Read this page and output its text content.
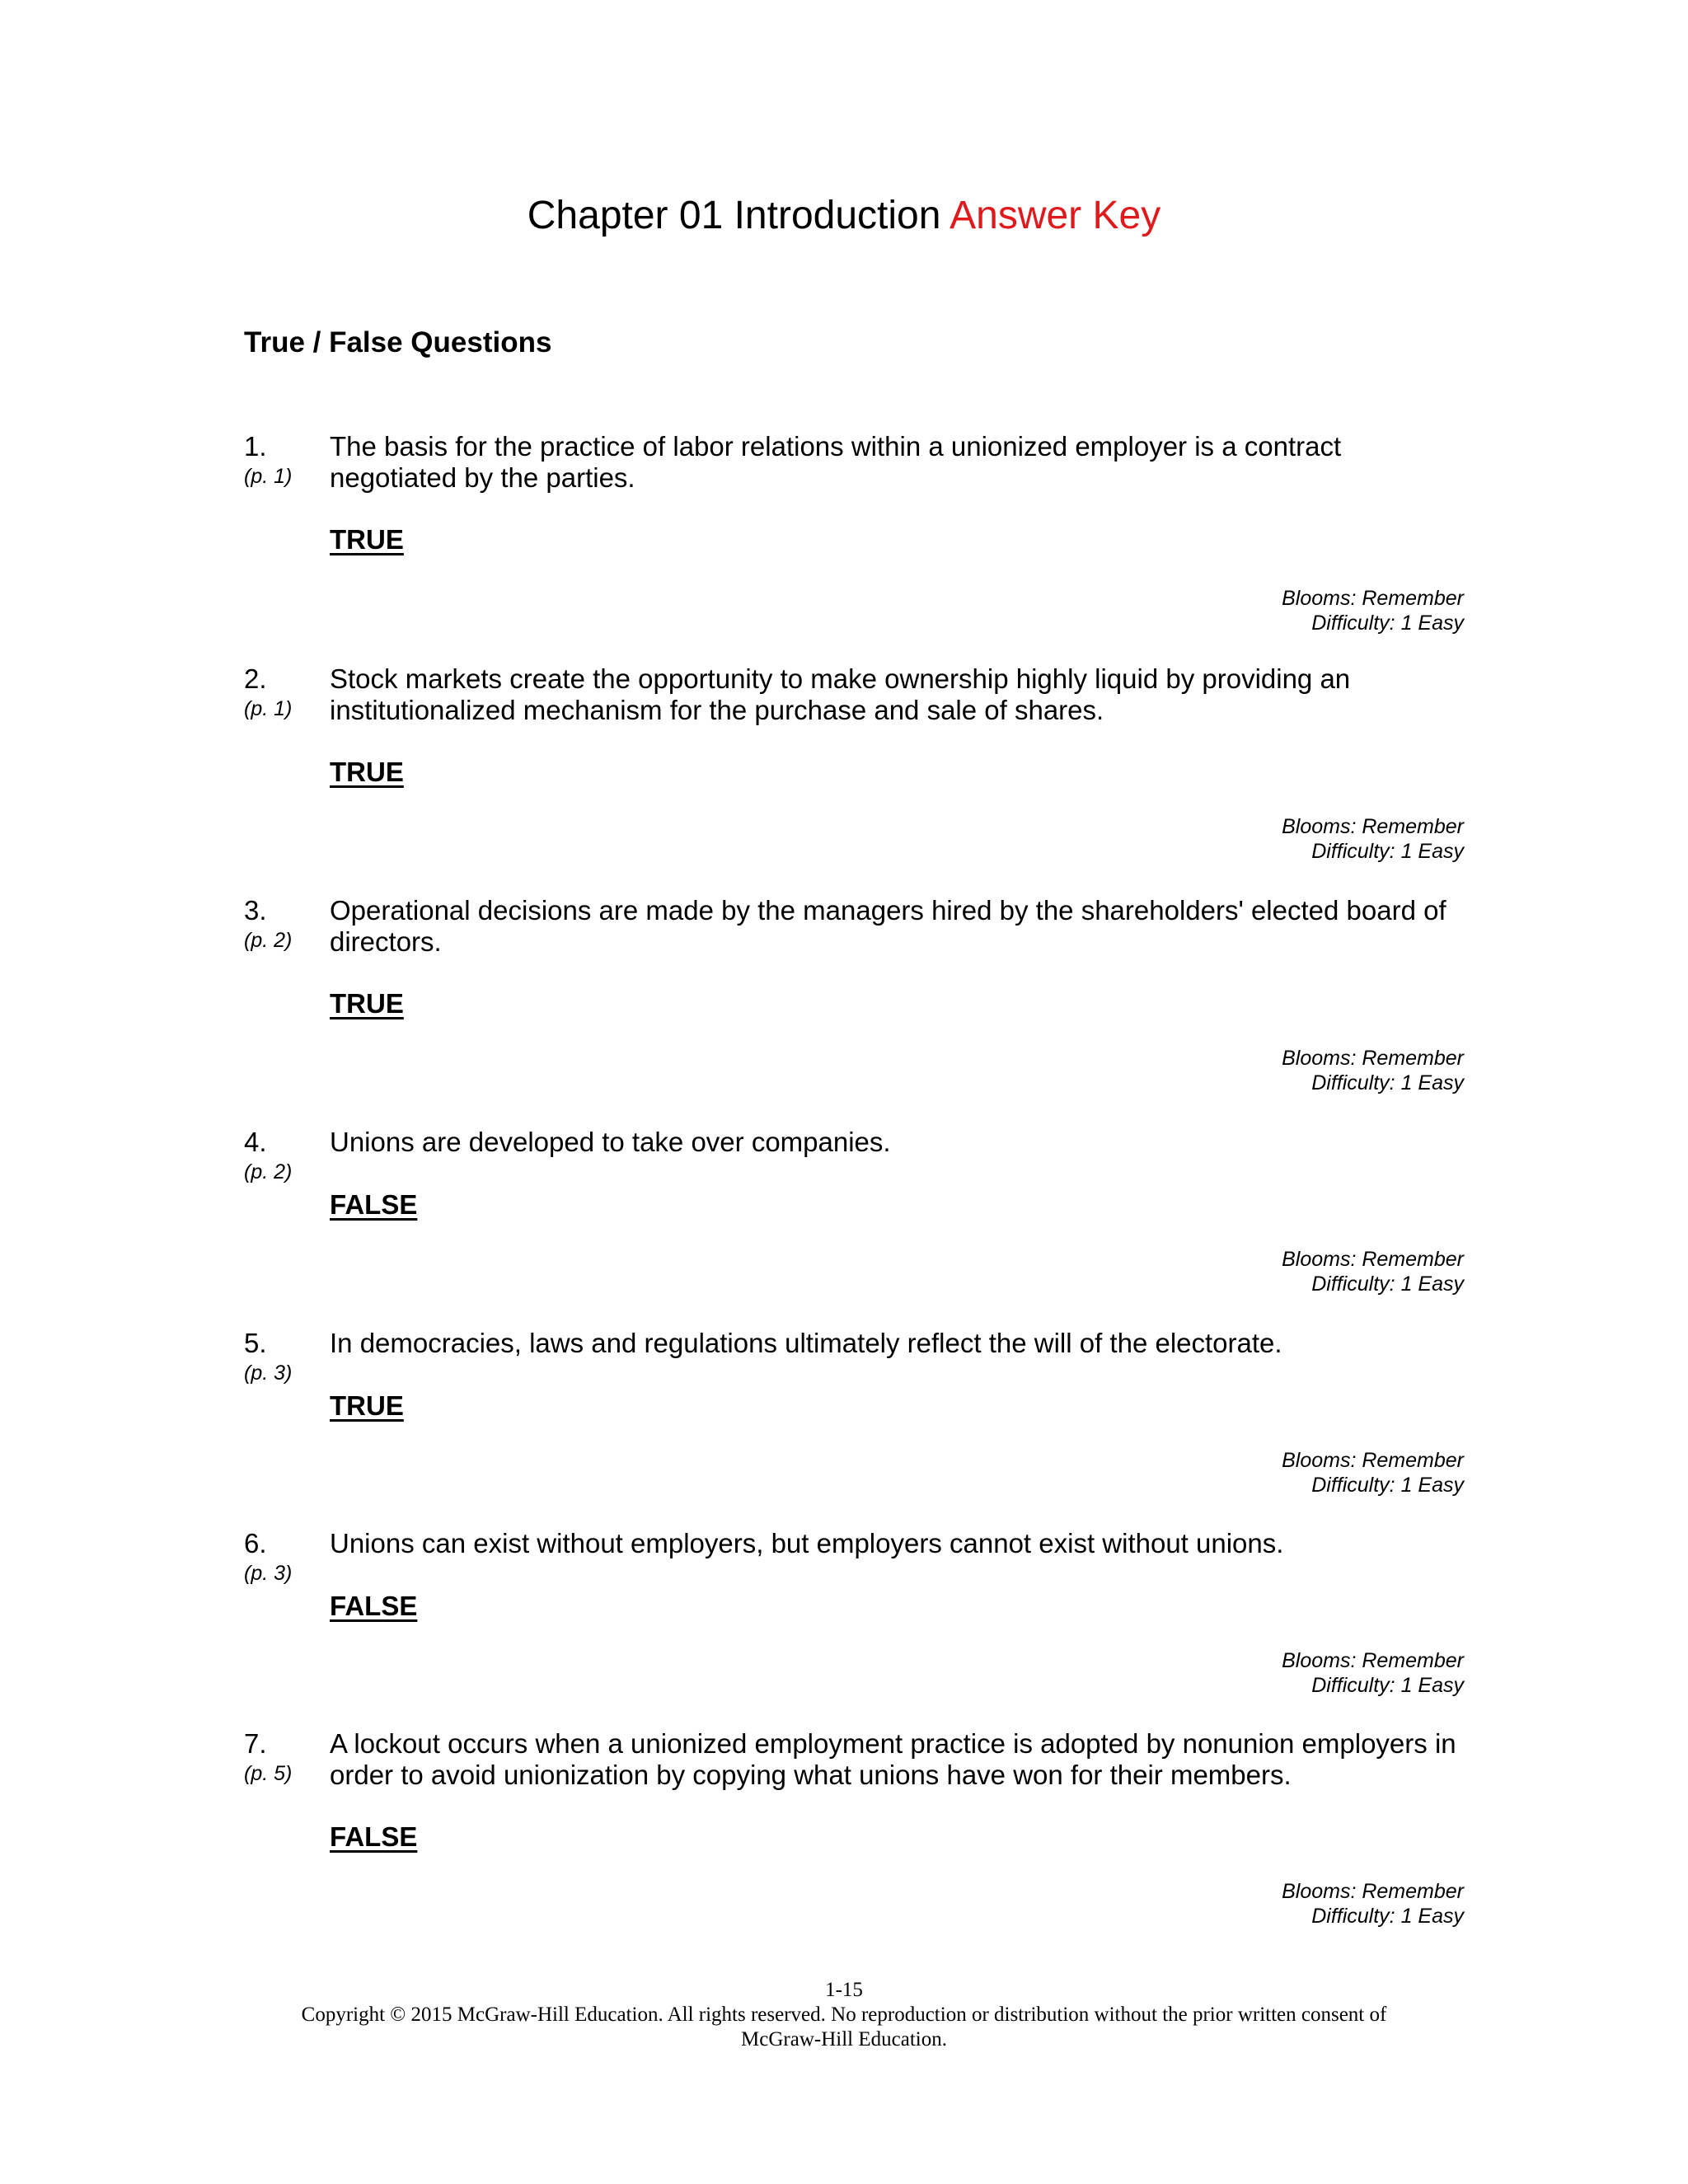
Chapter 01 Introduction Answer Key
True / False Questions
1.
(p. 1)
The basis for the practice of labor relations within a unionized employer is a contract
negotiated by the parties.
TRUE
Blooms: Remember
Difficulty: 1 Easy
2.
(p. 1)
Stock markets create the opportunity to make ownership highly liquid by providing an
institutionalized mechanism for the purchase and sale of shares.
TRUE
Blooms: Remember
Difficulty: 1 Easy
3.
(p. 2)
Operational decisions are made by the managers hired by the shareholders' elected board of
directors.
TRUE
Blooms: Remember
Difficulty: 1 Easy
4.
(p. 2)
Unions are developed to take over companies.
FALSE
Blooms: Remember
Difficulty: 1 Easy
5.
(p. 3)
In democracies, laws and regulations ultimately reflect the will of the electorate.
TRUE
Blooms: Remember
Difficulty: 1 Easy
6.
(p. 3)
Unions can exist without employers, but employers cannot exist without unions.
FALSE
Blooms: Remember
Difficulty: 1 Easy
7.
(p. 5)
A lockout occurs when a unionized employment practice is adopted by nonunion employers in
order to avoid unionization by copying what unions have won for their members.
FALSE
Blooms: Remember
Difficulty: 1 Easy
1-15
Copyright © 2015 McGraw-Hill Education. All rights reserved. No reproduction or distribution without the prior written consent of
McGraw-Hill Education.
